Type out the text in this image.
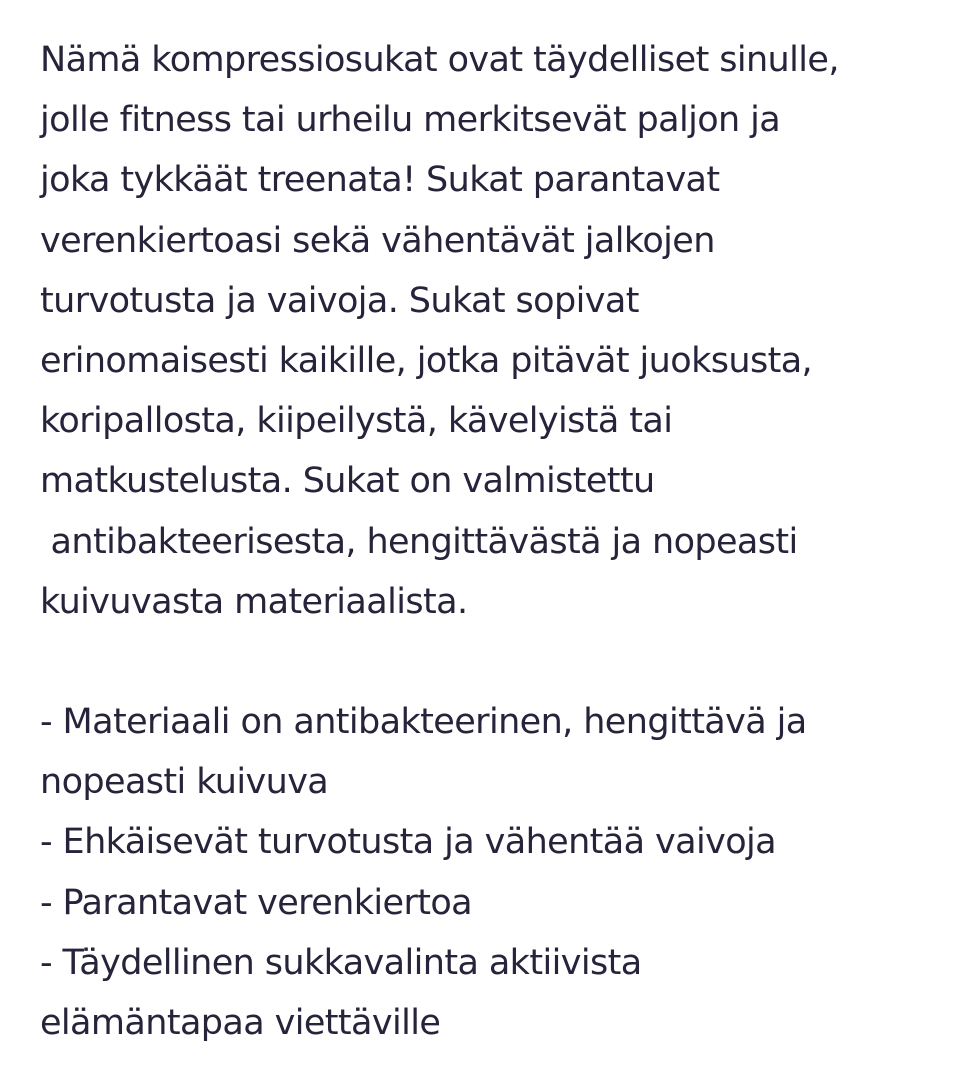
Nämä kompressiosukat ovat täydelliset sinulle,
jolle fitness tai urheilu merkitsevät paljon ja
joka tykkäät treenata! Sukat parantavat
verenkiertoasi sekä vähentävät jalkojen
turvotusta ja vaivoja. Sukat sopivat
erinomaisesti kaikille, jotka pitävät juoksusta,
koripallosta, kiipeilystä, kävelyistä tai
matkustelusta. Sukat on valmistettu
antibakteerisesta, hengittävästä ja nopeasti
kuivuvasta materiaalista.
- Materiaali on antibakteerinen, hengittävä ja
nopeasti kuivuva
- Ehkäisevät turvotusta ja vähentää vaivoja
- Parantavat verenkiertoa
- Täydellinen sukkavalinta aktiivista
elämäntapaa viettäville
